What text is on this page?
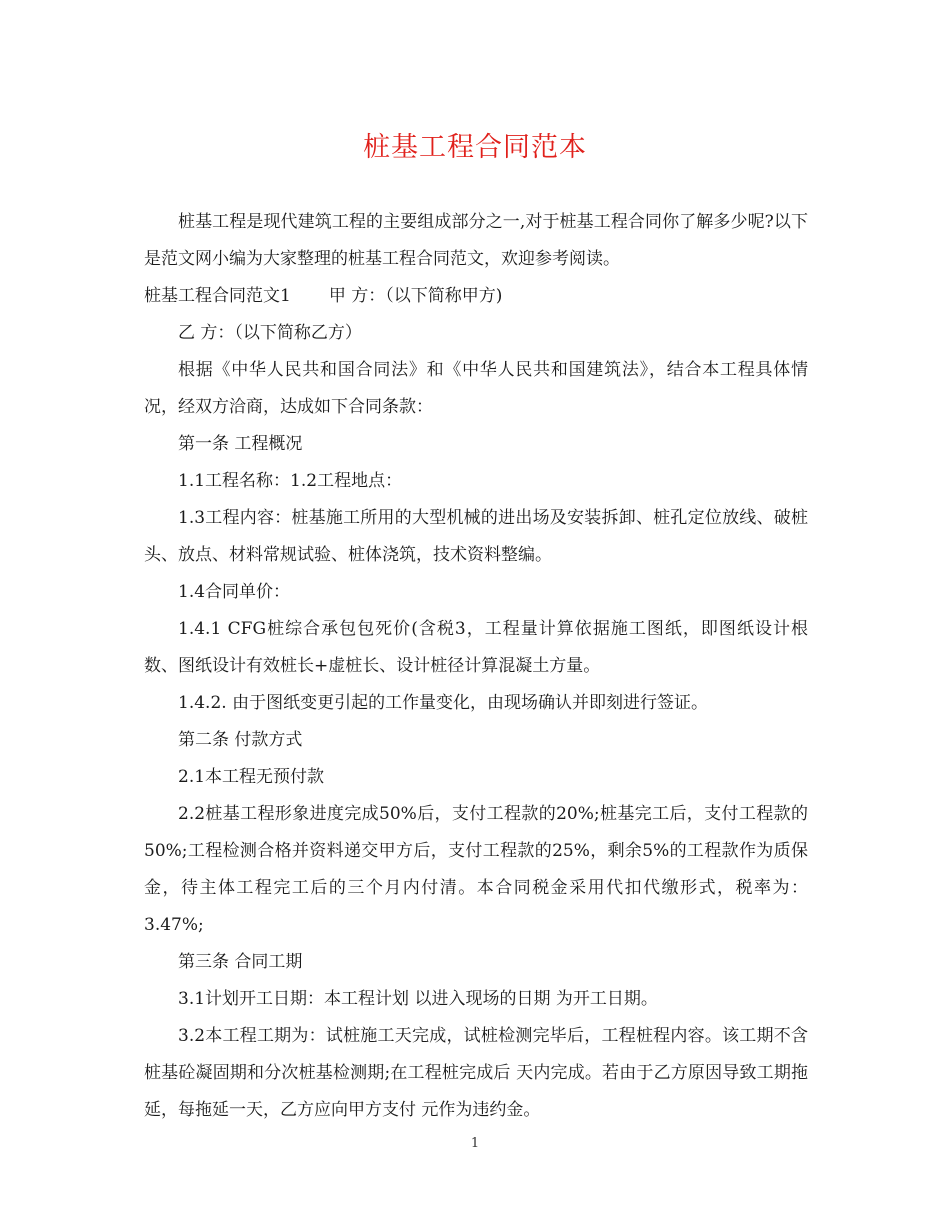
桩基工程合同范本

桩基工程是现代建筑工程的主要组成部分之一,对于桩基工程合同你了解多少呢?以下是范文网小编为大家整理的桩基工程合同范文，欢迎参考阅读。

桩基工程合同范文1 甲 方：（以下简称甲方)

乙 方：（以下简称乙方）

根据《中华人民共和国合同法》和《中华人民共和国建筑法》，结合本工程具体情况，经双方洽商，达成如下合同条款：

第一条 工程概况

1.1工程名称：1.2工程地点：

1.3工程内容：桩基施工所用的大型机械的进出场及安装拆卸、桩孔定位放线、破桩头、放点、材料常规试验、桩体浇筑，技术资料整编。

1.4合同单价：

1.4.1 CFG桩综合承包包死价(含税3，工程量计算依据施工图纸，即图纸设计根数、图纸设计有效桩长+虚桩长、设计桩径计算混凝土方量。

1.4.2. 由于图纸变更引起的工作量变化，由现场确认并即刻进行签证。

第二条 付款方式

2.1本工程无预付款

2.2桩基工程形象进度完成50%后，支付工程款的20%;桩基完工后，支付工程款的50%;工程检测合格并资料递交甲方后，支付工程款的25%，剩余5%的工程款作为质保金，待主体工程完工后的三个月内付清。本合同税金采用代扣代缴形式，税率为：3.47%;

第三条 合同工期

3.1计划开工日期：本工程计划 以进入现场的日期 为开工日期。

3.2本工程工期为：试桩施工天完成，试桩检测完毕后，工程桩程内容。该工期不含桩基砼凝固期和分次桩基检测期;在工程桩完成后 天内完成。若由于乙方原因导致工期拖延，每拖延一天，乙方应向甲方支付 元作为违约金。

1
